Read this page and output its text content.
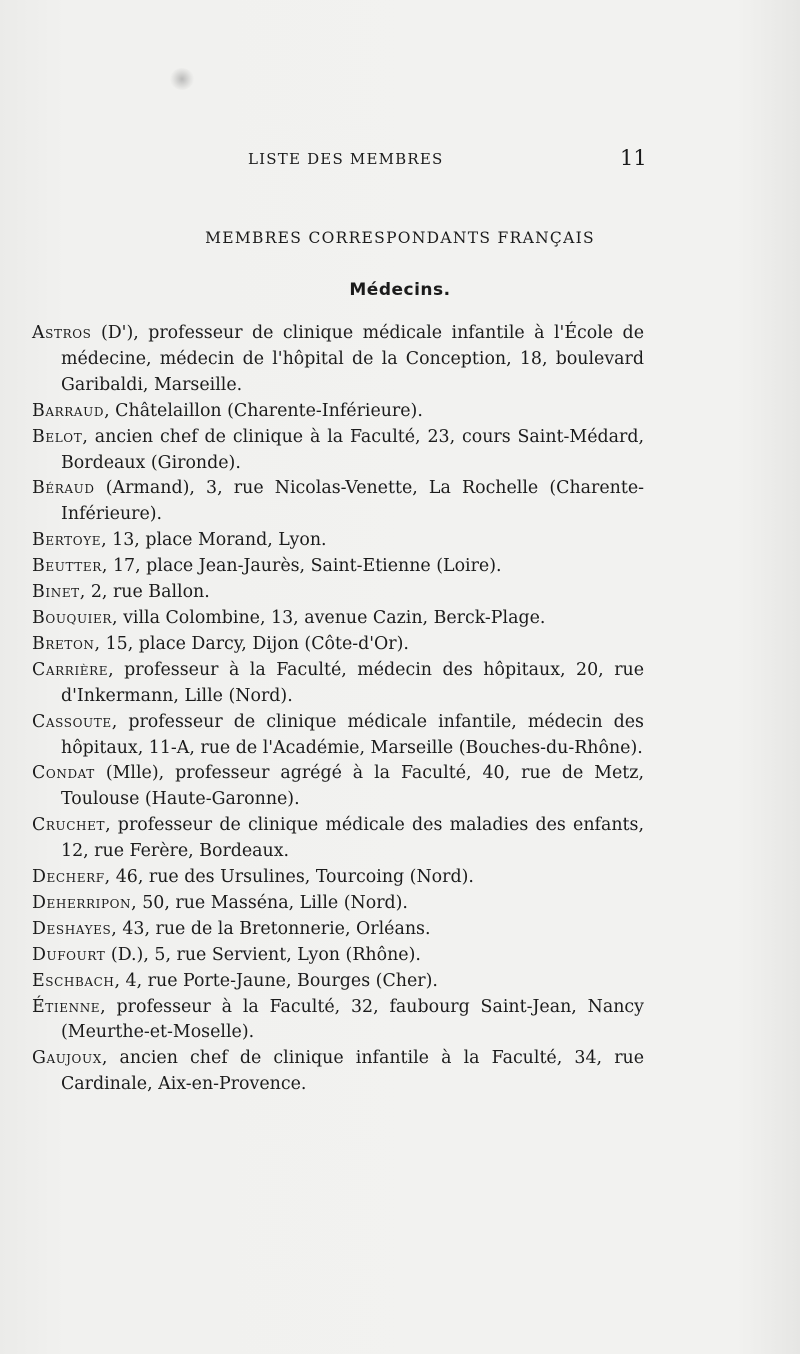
LISTE DES MEMBRES	11
MEMBRES CORRESPONDANTS FRANÇAIS
Médecins.

Astros (D'), professeur de clinique médicale infantile à l'École de médecine, médecin de l'hôpital de la Conception, 18, boulevard Garibaldi, Marseille.

Barraud, Châtelaillon (Charente-Inférieure).

Belot, ancien chef de clinique à la Faculté, 23, cours Saint-Médard, Bordeaux (Gironde).

Béraud (Armand), 3, rue Nicolas-Venette, La Rochelle (Charente-Inférieure).

Bertoye, 13, place Morand, Lyon.

Beutter, 17, place Jean-Jaurès, Saint-Etienne (Loire).

Binet, 2, rue Ballon.

Bouquier, villa Colombine, 13, avenue Cazin, Berck-Plage.

Breton, 15, place Darcy, Dijon (Côte-d'Or).

Carrière, professeur à la Faculté, médecin des hôpitaux, 20, rue d'Inkermann, Lille (Nord).

Cassoute, professeur de clinique médicale infantile, médecin des hôpitaux, 11-A, rue de l'Académie, Marseille (Bouches-du-Rhône).

Condat (Mlle), professeur agrégé à la Faculté, 40, rue de Metz, Toulouse (Haute-Garonne).

Cruchet, professeur de clinique médicale des maladies des enfants, 12, rue Ferère, Bordeaux.

Decherf, 46, rue des Ursulines, Tourcoing (Nord).

Deherripon, 50, rue Masséna, Lille (Nord).

Deshayes, 43, rue de la Bretonnerie, Orléans.

Dufourt (D.), 5, rue Servient, Lyon (Rhône).

Eschbach, 4, rue Porte-Jaune, Bourges (Cher).

Étienne, professeur à la Faculté, 32, faubourg Saint-Jean, Nancy (Meurthe-et-Moselle).

Gaujoux, ancien chef de clinique infantile à la Faculté, 34, rue Cardinale, Aix-en-Provence.
